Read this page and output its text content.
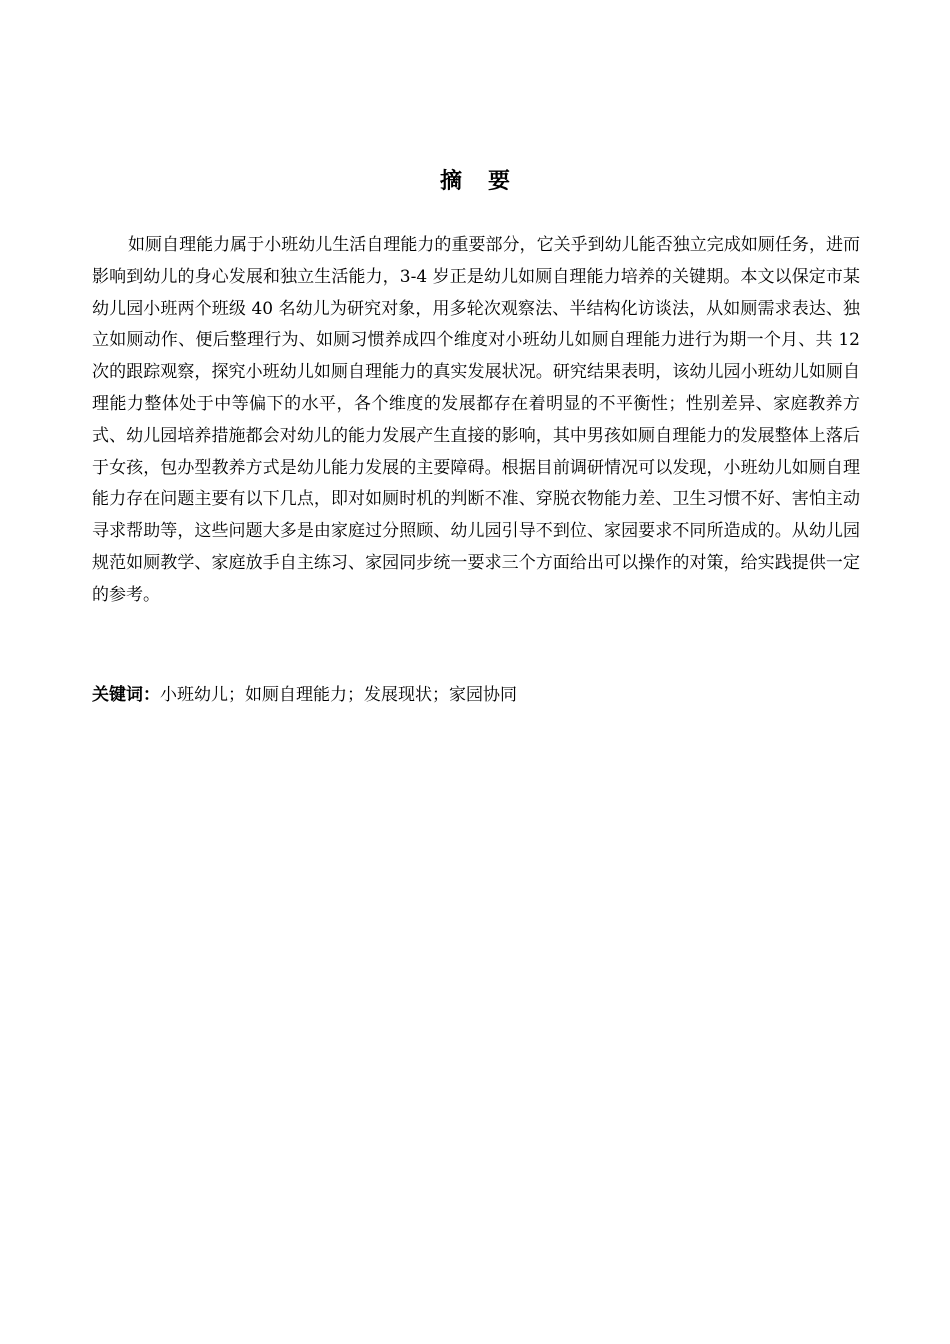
摘要

如厕自理能力属于小班幼儿生活自理能力的重要部分，它关乎到幼儿能否独立完成如厕任务，进而影响到幼儿的身心发展和独立生活能力，3-4 岁正是幼儿如厕自理能力培养的关键期。本文以保定市某幼儿园小班两个班级 40 名幼儿为研究对象，用多轮次观察法、半结构化访谈法，从如厕需求表达、独立如厕动作、便后整理行为、如厕习惯养成四个维度对小班幼儿如厕自理能力进行为期一个月、共 12 次的跟踪观察，探究小班幼儿如厕自理能力的真实发展状况。研究结果表明，该幼儿园小班幼儿如厕自理能力整体处于中等偏下的水平，各个维度的发展都存在着明显的不平衡性；性别差异、家庭教养方式、幼儿园培养措施都会对幼儿的能力发展产生直接的影响，其中男孩如厕自理能力的发展整体上落后于女孩，包办型教养方式是幼儿能力发展的主要障碍。根据目前调研情况可以发现，小班幼儿如厕自理能力存在问题主要有以下几点，即对如厕时机的判断不准、穿脱衣物能力差、卫生习惯不好、害怕主动寻求帮助等，这些问题大多是由家庭过分照顾、幼儿园引导不到位、家园要求不同所造成的。从幼儿园规范如厕教学、家庭放手自主练习、家园同步统一要求三个方面给出可以操作的对策，给实践提供一定的参考。

关键词：小班幼儿；如厕自理能力；发展现状；家园协同
